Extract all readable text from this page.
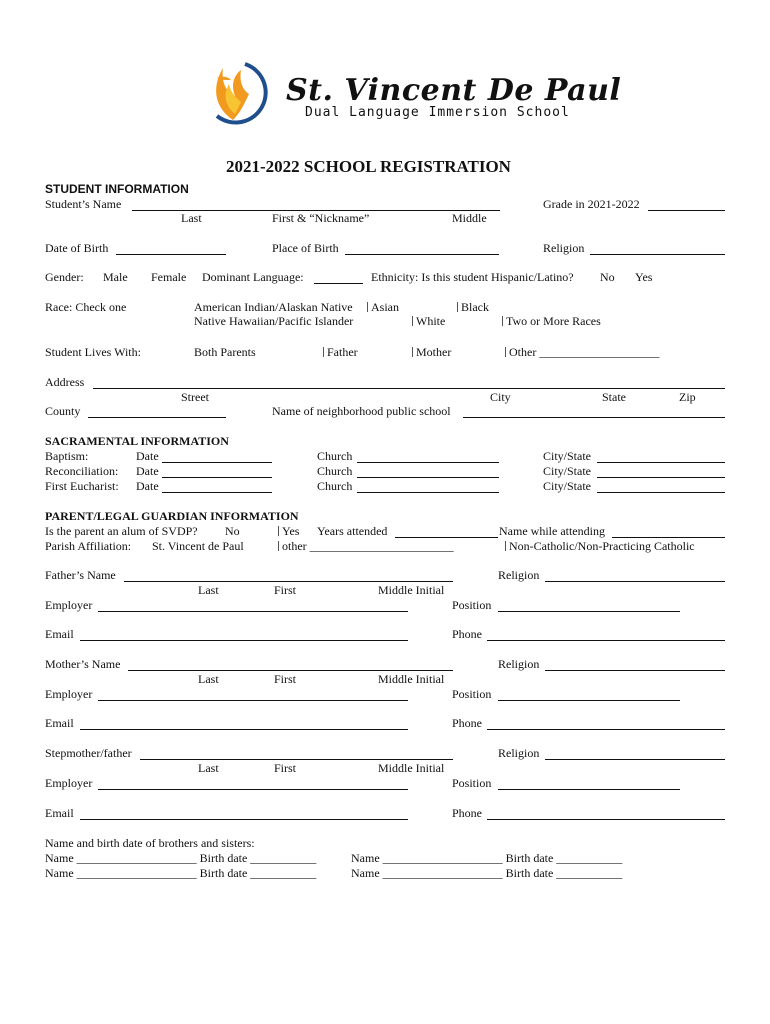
St. Vincent De Paul
Dual Language Immersion School
2021-2022 SCHOOL REGISTRATION
STUDENT INFORMATION
Student’s Name
Last	First & “Nickname”	Middle
Grade in 2021-2022
Date of Birth	Place of Birth	Religion
Gender: Male Female Dominant Language:	Ethnicity: Is this student Hispanic/Latino? No Yes
Race: Check one	American Indian/Alaskan Native	Asian	Black
Native Hawaiian/Pacific Islander	White	Two or More Races
Student Lives With:	Both Parents	Father	Mother	Other ____________________
Address
Street	City	State	Zip
County	Name of neighborhood public school
SACRAMENTAL INFORMATION
Baptism:	Date	Church	City/State
Reconciliation: Date	Church	City/State
First Eucharist: Date	Church	City/State
PARENT/LEGAL GUARDIAN INFORMATION
Is the parent an alum of SVDP? No	Yes Years attended	Name while attending
Parish Affiliation: St. Vincent de Paul	other ________________________	Non-Catholic/Non-Practicing Catholic
Father’s Name	Religion
Last	First	Middle Initial
Employer	Position
Email	Phone
Mother’s Name	Religion
Last	First	Middle Initial
Employer	Position
Email	Phone
Stepmother/father	Religion
Last	First	Middle Initial
Employer	Position
Email	Phone
Name and birth date of brothers and sisters:
Name ____________________ Birth date ___________	Name ____________________ Birth date ___________
Name ____________________ Birth date ___________	Name ____________________ Birth date ___________
